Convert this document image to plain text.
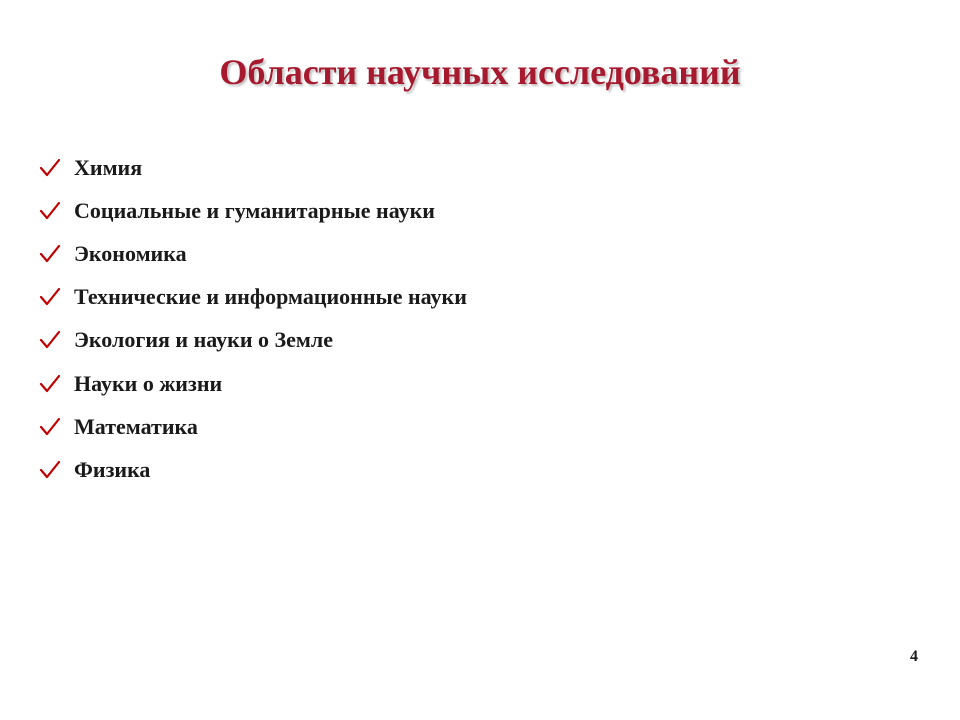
Области научных исследований
Химия
Социальные и гуманитарные науки
Экономика
Технические и информационные науки
Экология и науки о Земле
Науки о жизни
Математика
Физика
4
